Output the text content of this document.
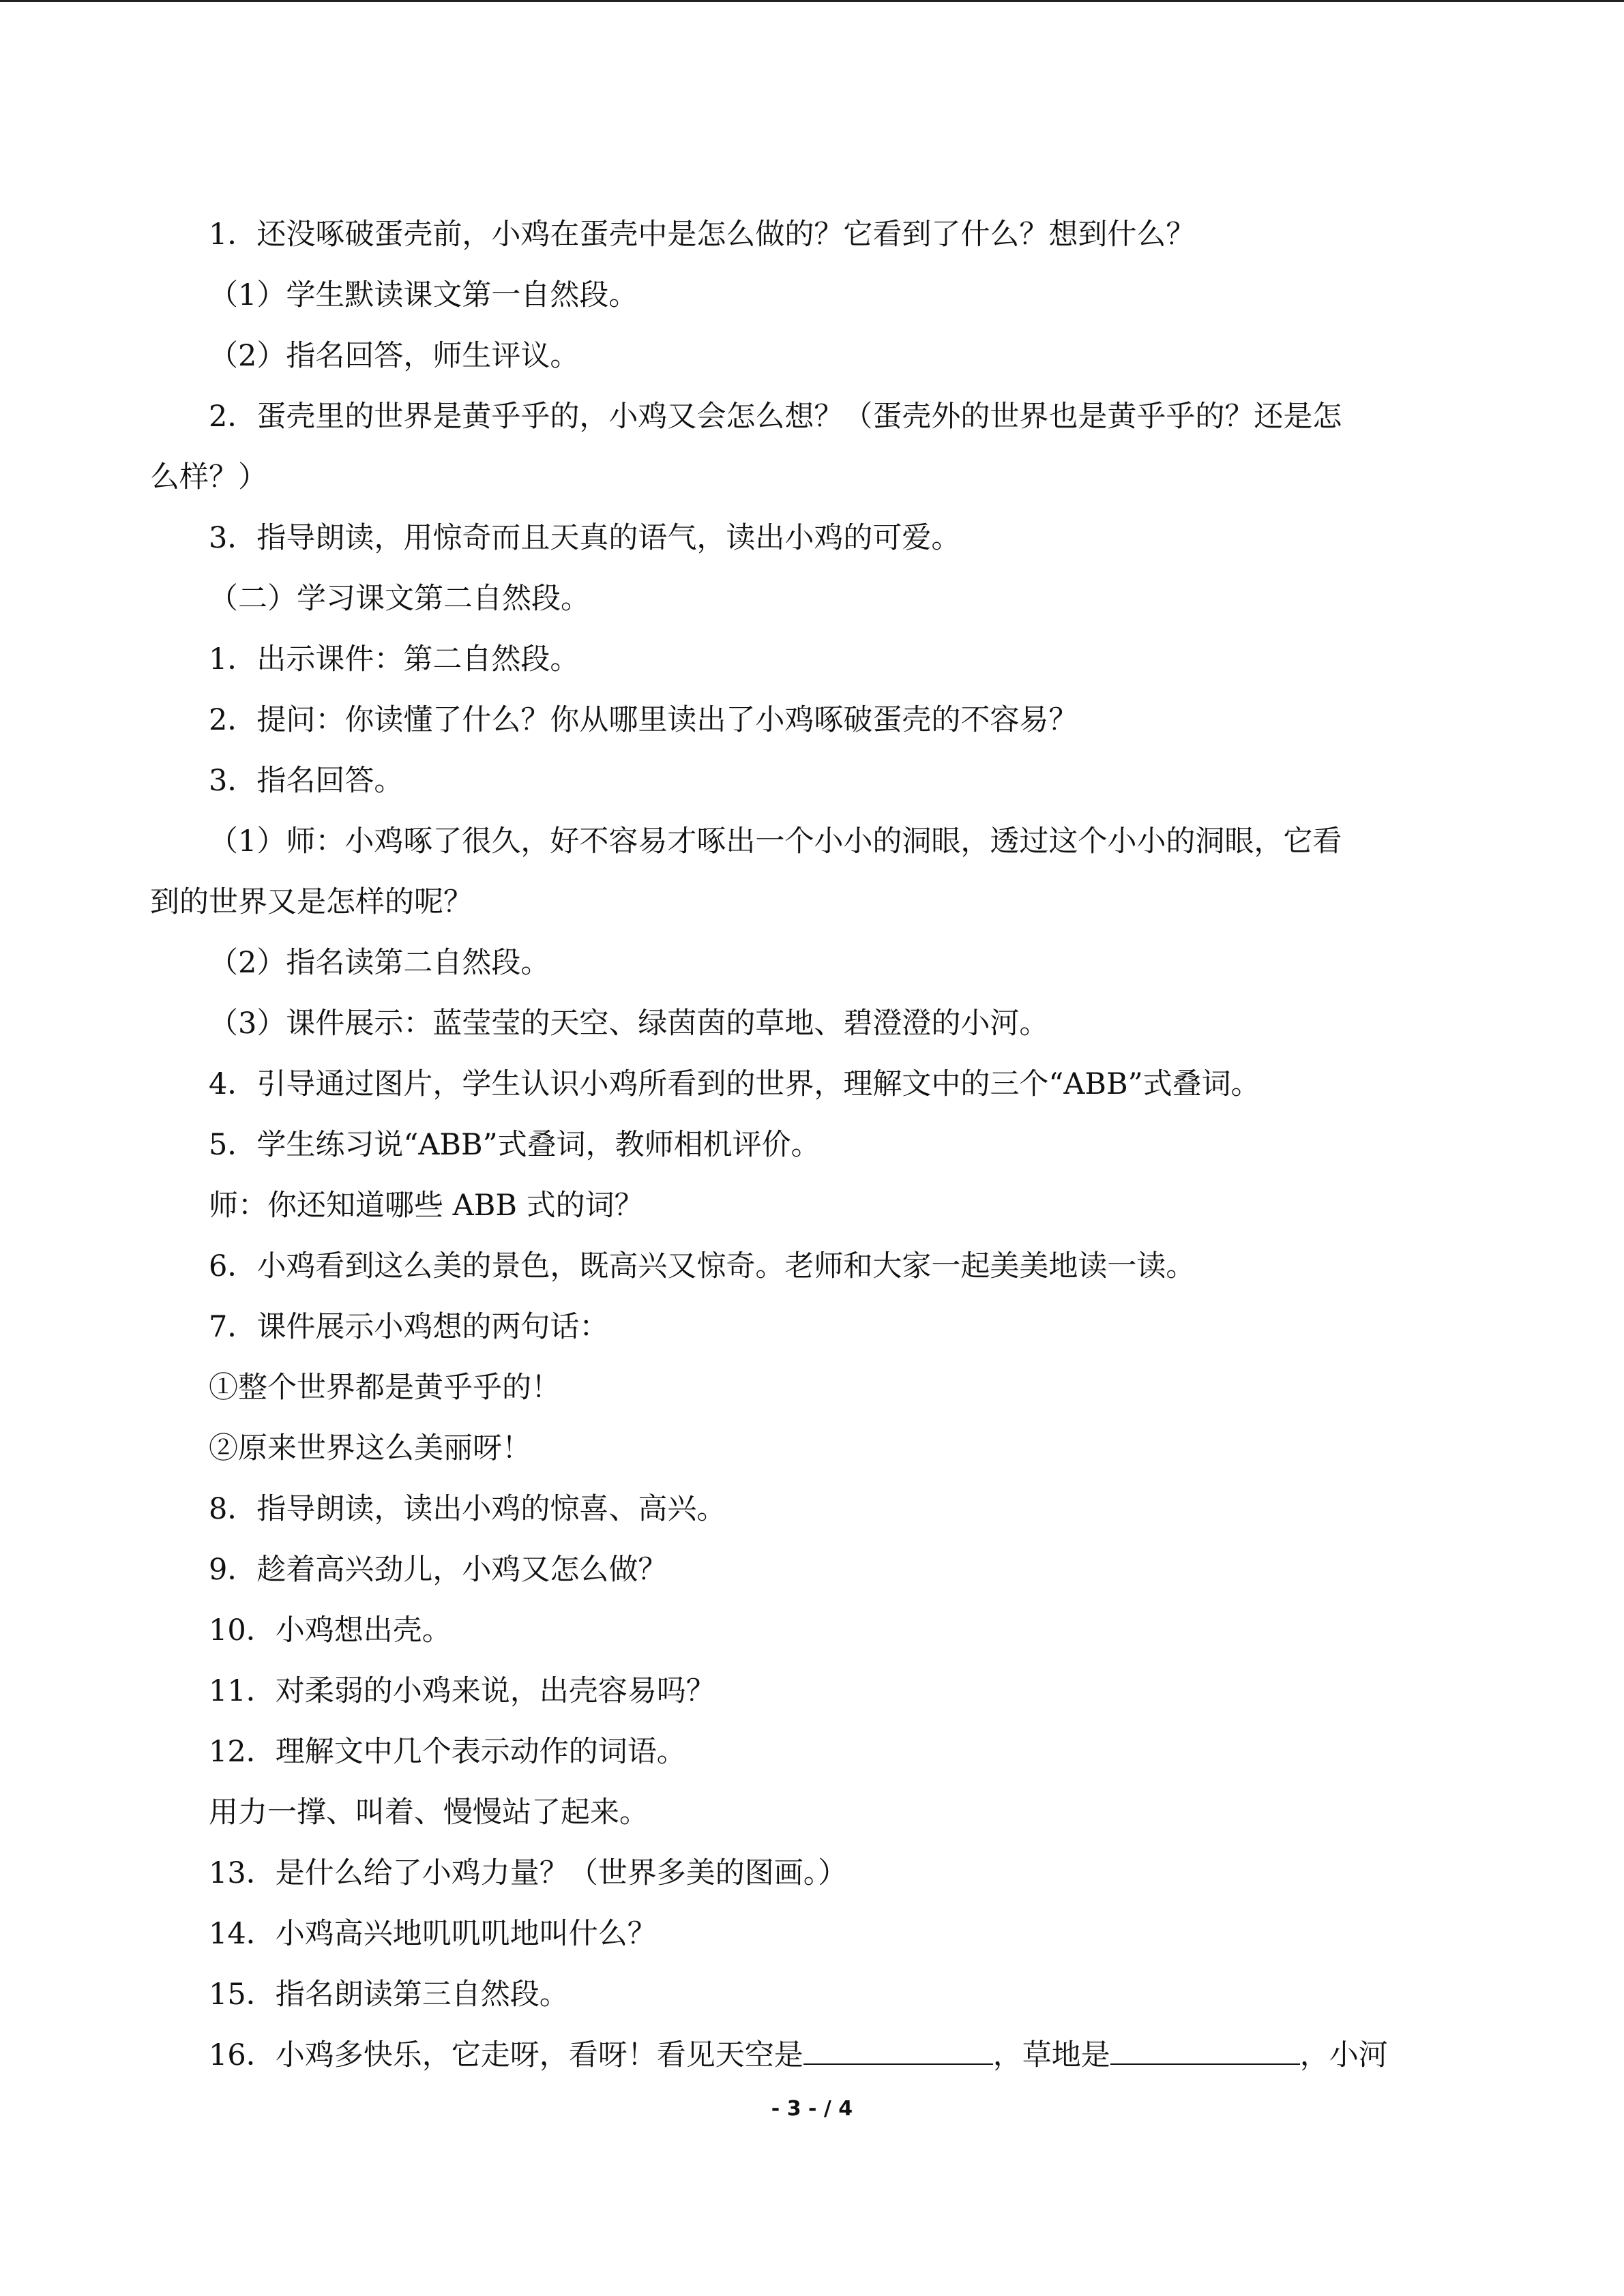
1．还没啄破蛋壳前，小鸡在蛋壳中是怎么做的？它看到了什么？想到什么？
（1）学生默读课文第一自然段。
（2）指名回答，师生评议。
2．蛋壳里的世界是黄乎乎的，小鸡又会怎么想？（蛋壳外的世界也是黄乎乎的？还是怎
么样？）
3．指导朗读，用惊奇而且天真的语气，读出小鸡的可爱。
（二）学习课文第二自然段。
1．出示课件：第二自然段。
2．提问：你读懂了什么？你从哪里读出了小鸡啄破蛋壳的不容易？
3．指名回答。
（1）师：小鸡啄了很久，好不容易才啄出一个小小的洞眼，透过这个小小的洞眼，它看
到的世界又是怎样的呢？
（2）指名读第二自然段。
（3）课件展示：蓝莹莹的天空、绿茵茵的草地、碧澄澄的小河。
4．引导通过图片，学生认识小鸡所看到的世界，理解文中的三个“ABB”式叠词。
5．学生练习说“ABB”式叠词，教师相机评价。
师：你还知道哪些 ABB 式的词？
6．小鸡看到这么美的景色，既高兴又惊奇。老师和大家一起美美地读一读。
7．课件展示小鸡想的两句话：
①整个世界都是黄乎乎的！
②原来世界这么美丽呀！
8．指导朗读，读出小鸡的惊喜、高兴。
9．趁着高兴劲儿，小鸡又怎么做？
10．小鸡想出壳。
11．对柔弱的小鸡来说，出壳容易吗？
12．理解文中几个表示动作的词语。
用力一撑、叫着、慢慢站了起来。
13．是什么给了小鸡力量？（世界多美的图画。）
14．小鸡高兴地叽叽叽地叫什么？
15．指名朗读第三自然段。
16．小鸡多快乐，它走呀，看呀！看见天空是	，草地是	，小河
- 3 - / 4
